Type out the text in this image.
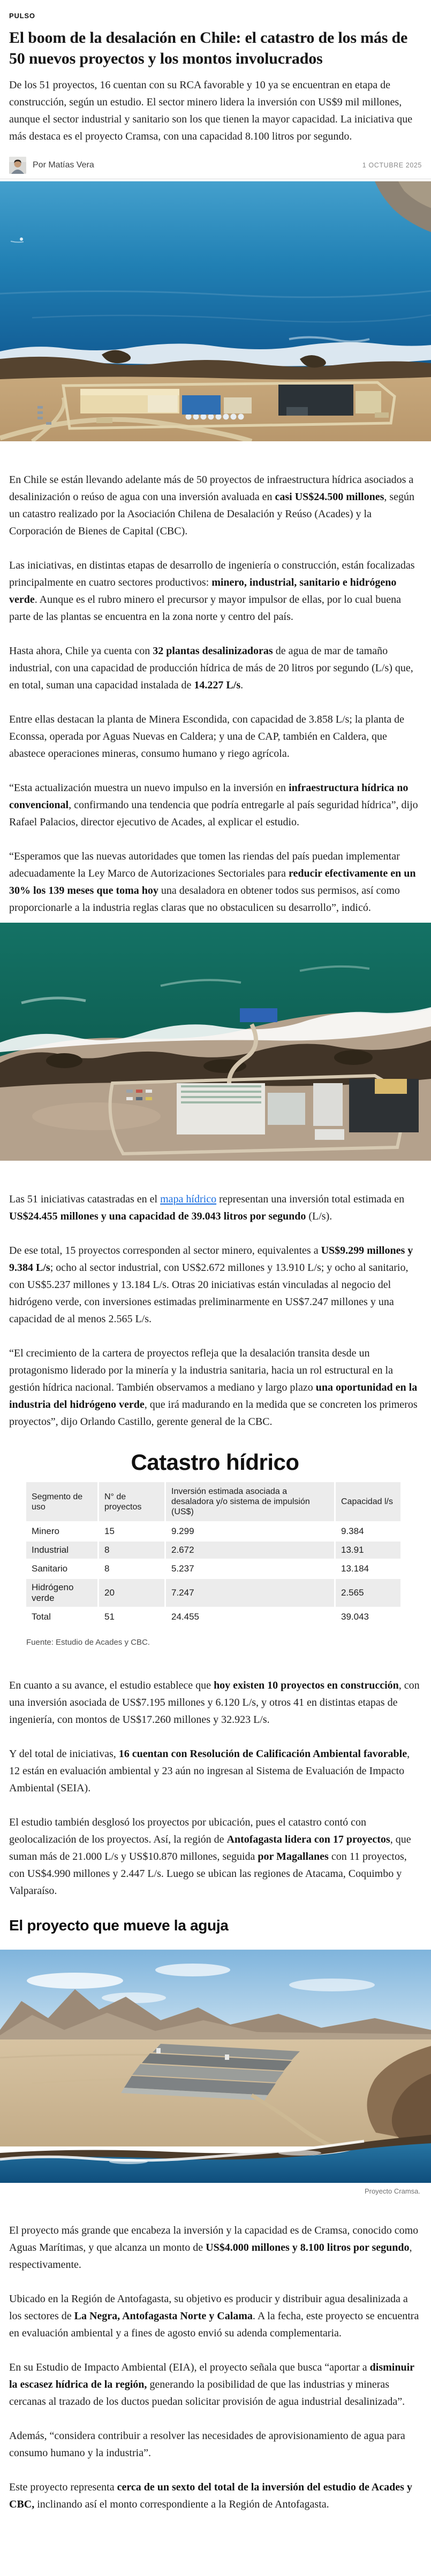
PULSO
El boom de la desalación en Chile: el catastro de los más de 50 nuevos proyectos y los montos involucrados

De los 51 proyectos, 16 cuentan con su RCA favorable y 10 ya se encuentran en etapa de construcción, según un estudio. El sector minero lidera la inversión con US$9 mil millones, aunque el sector industrial y sanitario son los que tienen la mayor capacidad. La iniciativa que más destaca es el proyecto Cramsa, con una capacidad 8.100 litros por segundo.

Por Matías Vera	1 OCTUBRE 2025

En Chile se están llevando adelante más de 50 proyectos de infraestructura hídrica asociados a desalinización o reúso de agua con una inversión avaluada en casi US$24.500 millones, según un catastro realizado por la Asociación Chilena de Desalación y Reúso (Acades) y la Corporación de Bienes de Capital (CBC).

Las iniciativas, en distintas etapas de desarrollo de ingeniería o construcción, están focalizadas principalmente en cuatro sectores productivos: minero, industrial, sanitario e hidrógeno verde. Aunque es el rubro minero el precursor y mayor impulsor de ellas, por lo cual buena parte de las plantas se encuentra en la zona norte y centro del país.

Hasta ahora, Chile ya cuenta con 32 plantas desalinizadoras de agua de mar de tamaño industrial, con una capacidad de producción hídrica de más de 20 litros por segundo (L/s) que, en total, suman una capacidad instalada de 14.227 L/s.

Entre ellas destacan la planta de Minera Escondida, con capacidad de 3.858 L/s; la planta de Econssa, operada por Aguas Nuevas en Caldera; y una de CAP, también en Caldera, que abastece operaciones mineras, consumo humano y riego agrícola.

“Esta actualización muestra un nuevo impulso en la inversión en infraestructura hídrica no convencional, confirmando una tendencia que podría entregarle al país seguridad hídrica”, dijo Rafael Palacios, director ejecutivo de Acades, al explicar el estudio.

“Esperamos que las nuevas autoridades que tomen las riendas del país puedan implementar adecuadamente la Ley Marco de Autorizaciones Sectoriales para reducir efectivamente en un 30% los 139 meses que toma hoy una desaladora en obtener todos sus permisos, así como proporcionarle a la industria reglas claras que no obstaculicen su desarrollo”, indicó.

Las 51 iniciativas catastradas en el mapa hídrico representan una inversión total estimada en US$24.455 millones y una capacidad de 39.043 litros por segundo (L/s).

De ese total, 15 proyectos corresponden al sector minero, equivalentes a US$9.299 millones y 9.384 L/s; ocho al sector industrial, con US$2.672 millones y 13.910 L/s; y ocho al sanitario, con US$5.237 millones y 13.184 L/s. Otras 20 iniciativas están vinculadas al negocio del hidrógeno verde, con inversiones estimadas preliminarmente en US$7.247 millones y una capacidad de al menos 2.565 L/s.

“El crecimiento de la cartera de proyectos refleja que la desalación transita desde un protagonismo liderado por la minería y la industria sanitaria, hacia un rol estructural en la gestión hídrica nacional. También observamos a mediano y largo plazo una oportunidad en la industria del hidrógeno verde, que irá madurando en la medida que se concreten los primeros proyectos”, dijo Orlando Castillo, gerente general de la CBC.

Catastro hídrico
Segmento de uso	N° de proyectos	Inversión estimada asociada a desaladora y/o sistema de impulsión (US$)	Capacidad l/s
Minero	15	9.299	9.384
Industrial	8	2.672	13.91
Sanitario	8	5.237	13.184
Hidrógeno verde	20	7.247	2.565
Total	51	24.455	39.043
Fuente: Estudio de Acades y CBC.

En cuanto a su avance, el estudio establece que hoy existen 10 proyectos en construcción, con una inversión asociada de US$7.195 millones y 6.120 L/s, y otros 41 en distintas etapas de ingeniería, con montos de US$17.260 millones y 32.923 L/s.

Y del total de iniciativas, 16 cuentan con Resolución de Calificación Ambiental favorable, 12 están en evaluación ambiental y 23 aún no ingresan al Sistema de Evaluación de Impacto Ambiental (SEIA).

El estudio también desglosó los proyectos por ubicación, pues el catastro contó con geolocalización de los proyectos. Así, la región de Antofagasta lidera con 17 proyectos, que suman más de 21.000 L/s y US$10.870 millones, seguida por Magallanes con 11 proyectos, con US$4.990 millones y 2.447 L/s. Luego se ubican las regiones de Atacama, Coquimbo y Valparaíso.

El proyecto que mueve la aguja
Proyecto Cramsa.

El proyecto más grande que encabeza la inversión y la capacidad es de Cramsa, conocido como Aguas Marítimas, y que alcanza un monto de US$4.000 millones y 8.100 litros por segundo, respectivamente.

Ubicado en la Región de Antofagasta, su objetivo es producir y distribuir agua desalinizada a los sectores de La Negra, Antofagasta Norte y Calama. A la fecha, este proyecto se encuentra en evaluación ambiental y a fines de agosto envió su adenda complementaria.

En su Estudio de Impacto Ambiental (EIA), el proyecto señala que busca “aportar a disminuir la escasez hídrica de la región, generando la posibilidad de que las industrias y mineras cercanas al trazado de los ductos puedan solicitar provisión de agua industrial desalinizada”.

Además, “considera contribuir a resolver las necesidades de aprovisionamiento de agua para consumo humano y la industria”.

Este proyecto representa cerca de un sexto del total de la inversión del estudio de Acades y CBC, inclinando así el monto correspondiente a la Región de Antofagasta.
